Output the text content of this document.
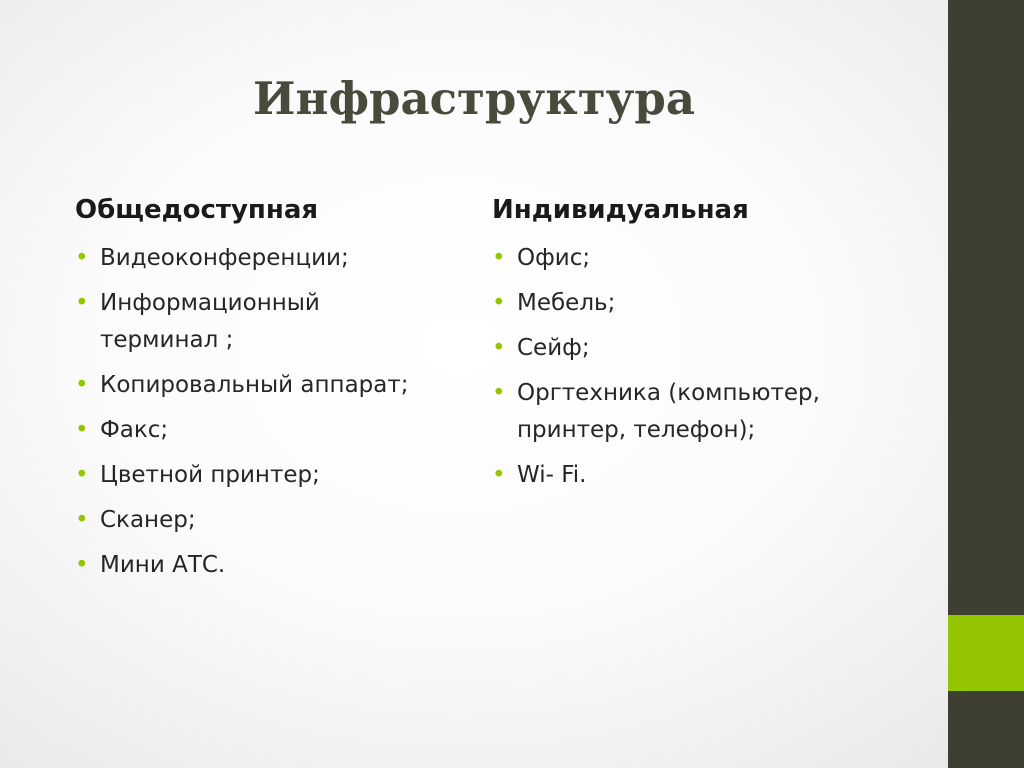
Инфраструктура
Общедоступная
• Видеоконференции;
• Информационный терминал ;
• Копировальный аппарат;
• Факс;
• Цветной принтер;
• Сканер;
• Мини АТС.
Индивидуальная
• Офис;
• Мебель;
• Сейф;
• Оргтехника (компьютер, принтер, телефон);
• Wi- Fi.
